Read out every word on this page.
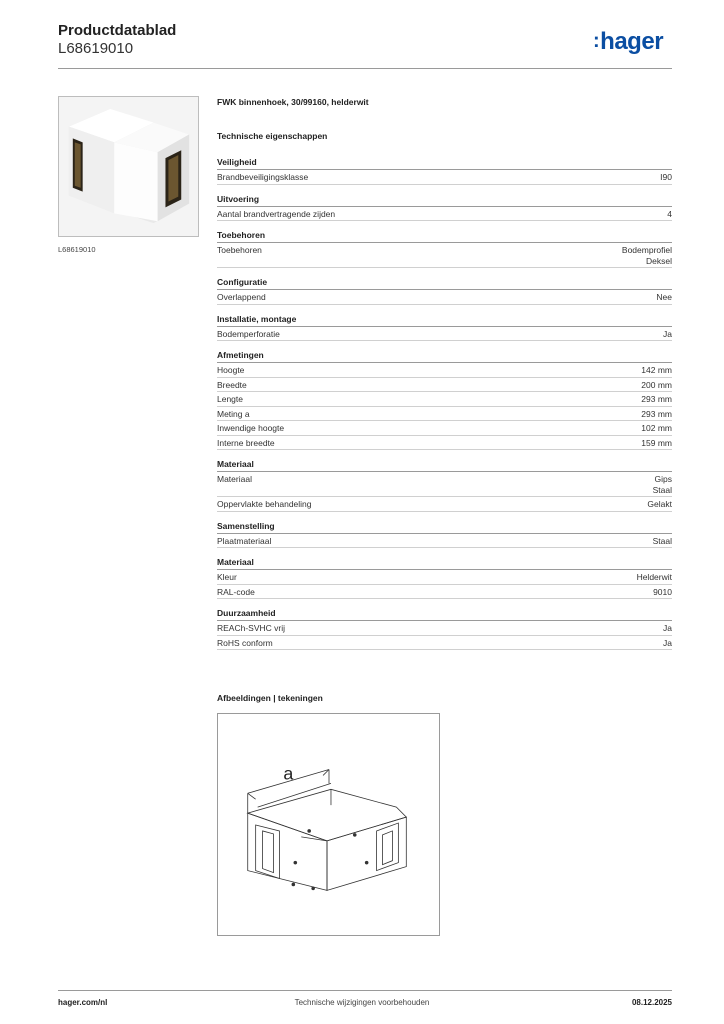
Productdatablad
L68619010	:hager
L68619010
FWK binnenhoek, 30/99160, helderwit
Technische eigenschappen
Veiligheid
Brandbeveiligingsklasse	I90
Uitvoering
Aantal brandvertragende zijden	4
Toebehoren
Toebehoren	Bodemprofiel
Deksel
Configuratie
Overlappend	Nee
Installatie, montage
Bodemperforatie	Ja
Afmetingen
Hoogte	142 mm
Breedte	200 mm
Lengte	293 mm
Meting a	293 mm
Inwendige hoogte	102 mm
Interne breedte	159 mm
Materiaal
Materiaal	Gips
Staal
Oppervlakte behandeling	Gelakt
Samenstelling
Plaatmateriaal	Staal
Materiaal
Kleur	Helderwit
RAL-code	9010
Duurzaamheid
REACh-SVHC vrij	Ja
RoHS conform	Ja
Afbeeldingen | tekeningen
a
hager.com/nl	Technische wijzigingen voorbehouden	08.12.2025
